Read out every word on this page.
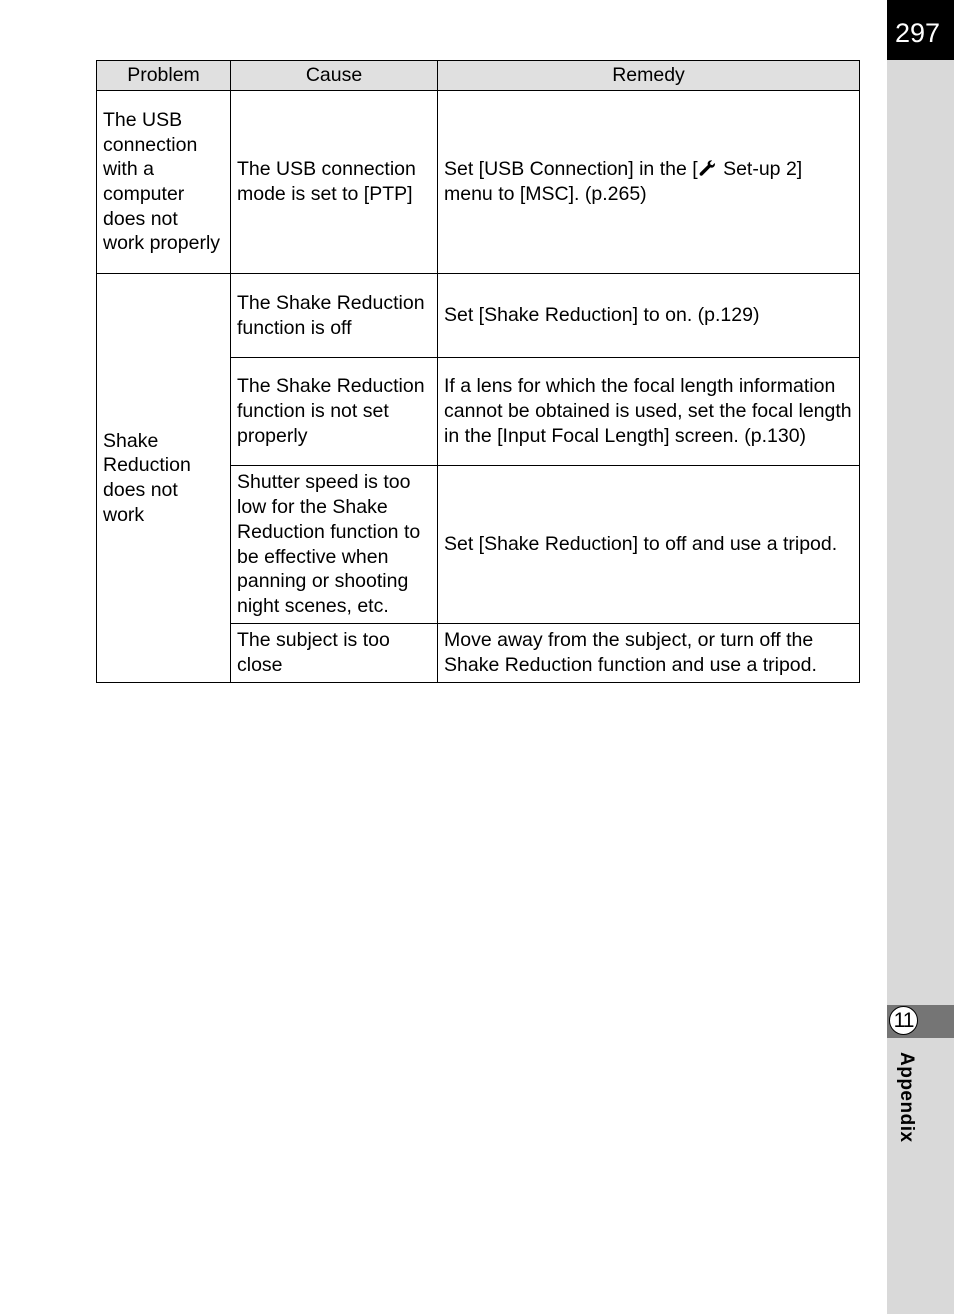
297
11
Appendix
Problem	Cause	Remedy
The USB connection with a computer does not work properly	The USB connection mode is set to [PTP]	Set [USB Connection] in the [ Set-up 2] menu to [MSC]. (p.265)
Shake Reduction does not work	The Shake Reduction function is off	Set [Shake Reduction] to on. (p.129)
	The Shake Reduction function is not set properly	If a lens for which the focal length information cannot be obtained is used, set the focal length in the [Input Focal Length] screen. (p.130)
	Shutter speed is too low for the Shake Reduction function to be effective when panning or shooting night scenes, etc.	Set [Shake Reduction] to off and use a tripod.
	The subject is too close	Move away from the subject, or turn off the Shake Reduction function and use a tripod.
